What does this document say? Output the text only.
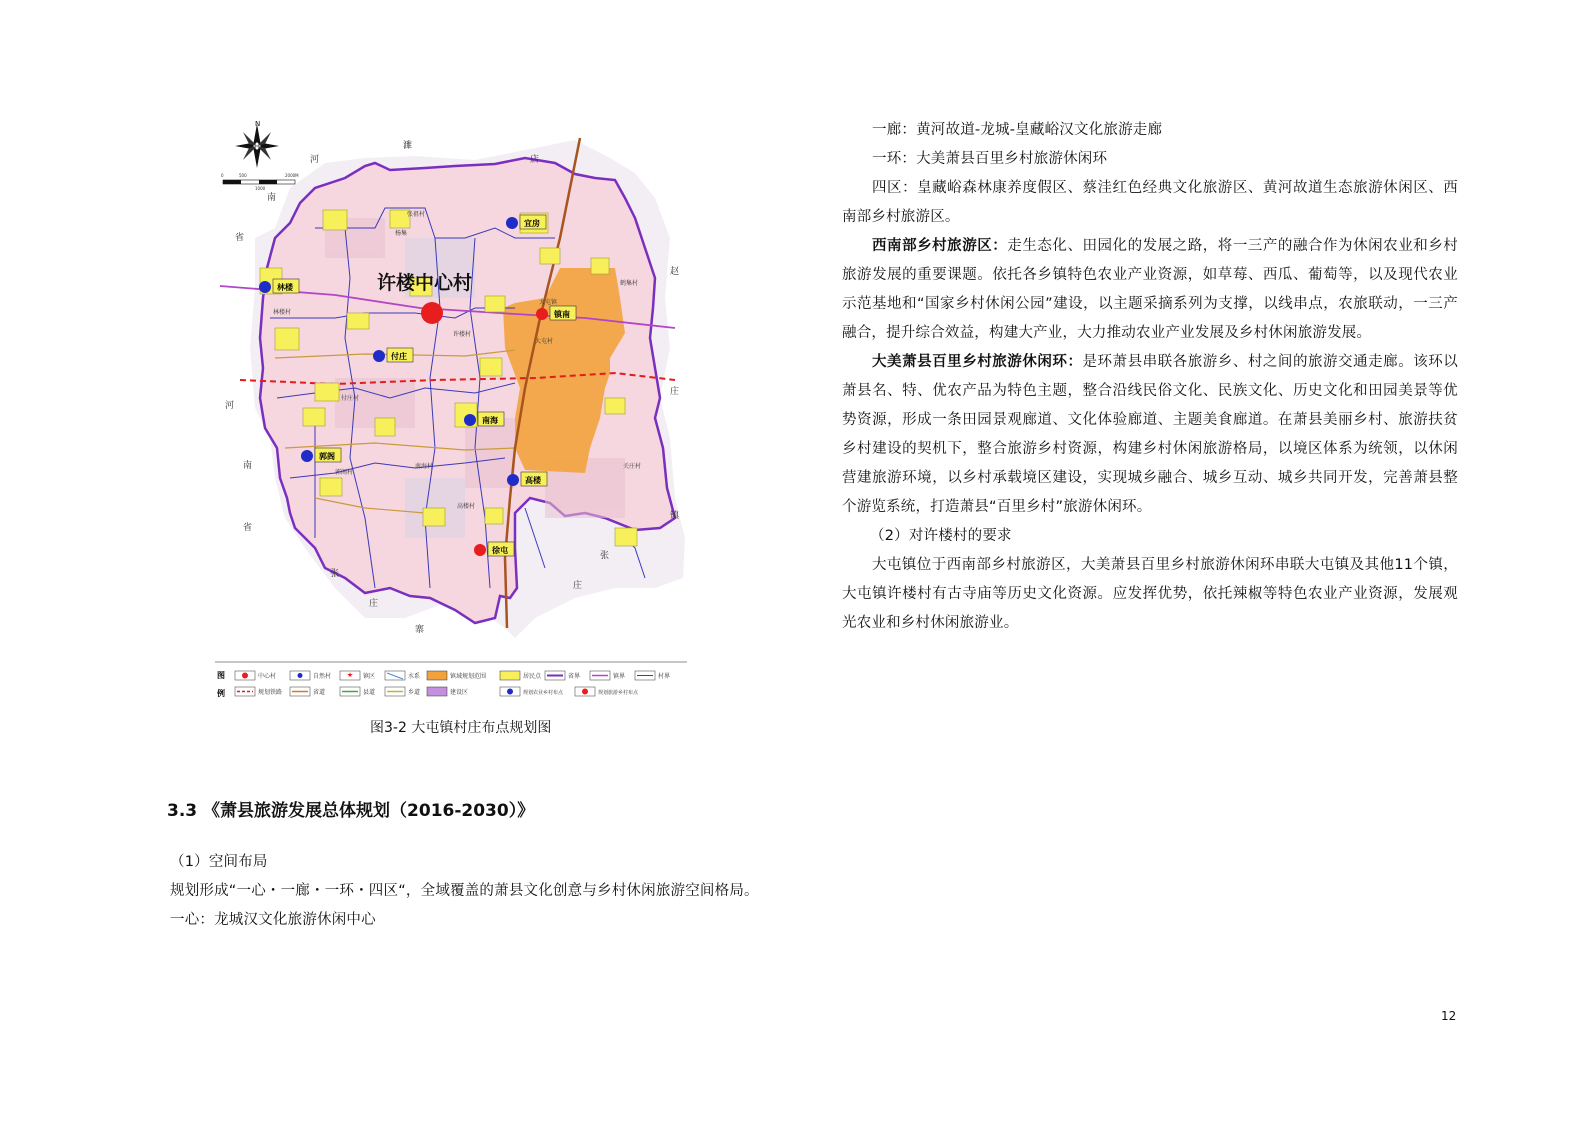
N
0	500
1000
2000M
许楼中心村
林楼
宜房
付庄
南海
郭阁
高楼
镇南
徐屯
张祖村
杨集
大屯镇
许楼村
大屯村
林楼村
付庄村
郭阁村
南海村
高楼村
关庄村
鹤集村
河
南
省
濉
店
赵
庄
河
南
省
张
庄
寨
庄
张
镇
图
例
中心村	自然村	镇区	水系	镇域规划范围	居民点	省界	镇界	村界
规划铁路	省道	县道	乡道	建设区	规划农业乡村布点	规划旅游乡村布点
图3-2 大屯镇村庄布点规划图
3.3 《萧县旅游发展总体规划（2016-2030）》

（1）空间布局

规划形成“一心・一廊・一环・四区“，全域覆盖的萧县文化创意与乡村休闲旅游空间格局。

一心：龙城汉文化旅游休闲中心

一廊：黄河故道-龙城-皇藏峪汉文化旅游走廊

一环：大美萧县百里乡村旅游休闲环

四区：皇藏峪森林康养度假区、蔡洼红色经典文化旅游区、黄河故道生态旅游休闲区、西南部乡村旅游区。

西南部乡村旅游区：走生态化、田园化的发展之路，将一三产的融合作为休闲农业和乡村旅游发展的重要课题。依托各乡镇特色农业产业资源，如草莓、西瓜、葡萄等，以及现代农业示范基地和“国家乡村休闲公园”建设，以主题采摘系列为支撑，以线串点，农旅联动，一三产融合，提升综合效益，构建大产业，大力推动农业产业发展及乡村休闲旅游发展。

大美萧县百里乡村旅游休闲环：是环萧县串联各旅游乡、村之间的旅游交通走廊。该环以萧县名、特、优农产品为特色主题，整合沿线民俗文化、民族文化、历史文化和田园美景等优势资源，形成一条田园景观廊道、文化体验廊道、主题美食廊道。在萧县美丽乡村、旅游扶贫乡村建设的契机下，整合旅游乡村资源，构建乡村休闲旅游格局，以境区体系为统领，以休闲营建旅游环境，以乡村承载境区建设，实现城乡融合、城乡互动、城乡共同开发，完善萧县整个游览系统，打造萧县“百里乡村”旅游休闲环。

（2）对许楼村的要求

大屯镇位于西南部乡村旅游区，大美萧县百里乡村旅游休闲环串联大屯镇及其他11个镇，大屯镇许楼村有古寺庙等历史文化资源。应发挥优势，依托辣椒等特色农业产业资源，发展观光农业和乡村休闲旅游业。

12
